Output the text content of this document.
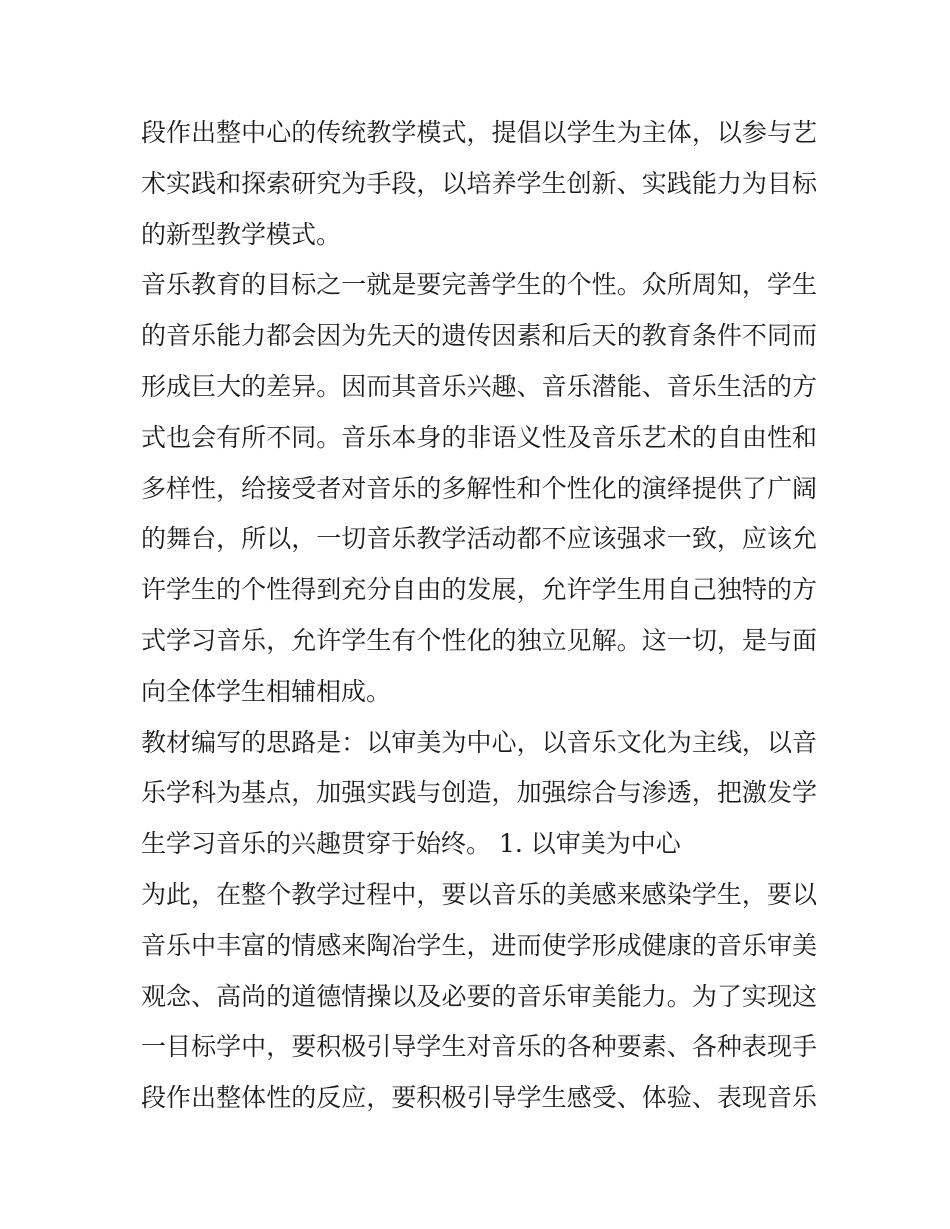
段作出整中心的传统教学模式，提倡以学生为主体，以参与艺
术实践和探索研究为手段，以培养学生创新、实践能力为目标
的新型教学模式。
音乐教育的目标之一就是要完善学生的个性。众所周知，学生
的音乐能力都会因为先天的遗传因素和后天的教育条件不同而
形成巨大的差异。因而其音乐兴趣、音乐潜能、音乐生活的方
式也会有所不同。音乐本身的非语义性及音乐艺术的自由性和
多样性，给接受者对音乐的多解性和个性化的演绎提供了广阔
的舞台，所以，一切音乐教学活动都不应该强求一致，应该允
许学生的个性得到充分自由的发展，允许学生用自己独特的方
式学习音乐，允许学生有个性化的独立见解。这一切，是与面
向全体学生相辅相成。
教材编写的思路是：以审美为中心，以音乐文化为主线，以音
乐学科为基点，加强实践与创造，加强综合与渗透，把激发学
生学习音乐的兴趣贯穿于始终。 1. 以审美为中心
为此，在整个教学过程中，要以音乐的美感来感染学生，要以
音乐中丰富的情感来陶冶学生，进而使学形成健康的音乐审美
观念、高尚的道德情操以及必要的音乐审美能力。为了实现这
一目标学中，要积极引导学生对音乐的各种要素、各种表现手
段作出整体性的反应，要积极引导学生感受、体验、表现音乐
